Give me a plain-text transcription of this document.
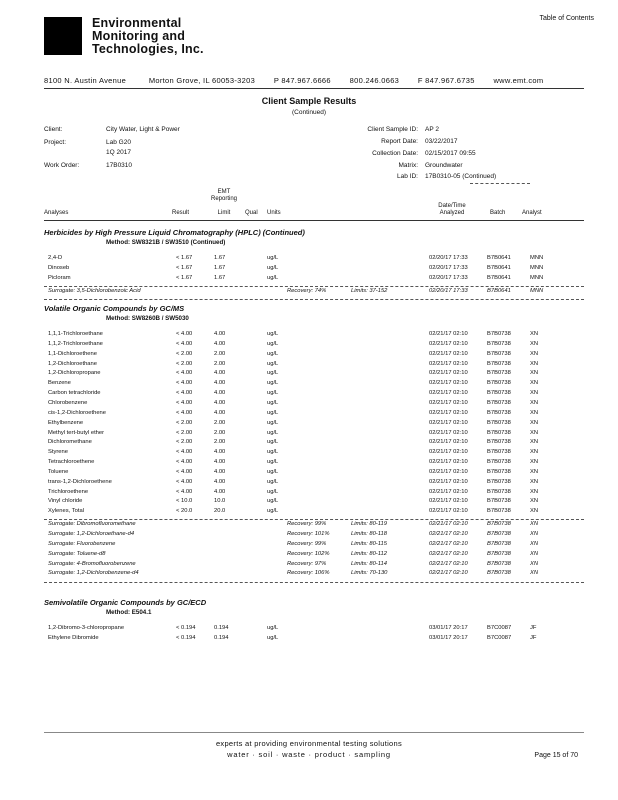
Environmental
Monitoring and
Technologies, Inc.
Table of Contents
8100 N. Austin Avenue	Morton Grove, IL 60053-3203	P 847.967.6666	800.246.0663	F 847.967.6735	www.emt.com
Client Sample Results
(Continued)
Client:	City Water, Light & Power
Project:	Lab G20
1Q 2017
Work Order:	17B0310
Client Sample ID: AP 2
Report Date: 03/22/2017
Collection Date: 02/15/2017 09:55
Matrix: Groundwater
Lab ID: 17B0310-05 (Continued)
Analyses	Result
EMT
Reporting
Limit	Qual Units
Date/Time
Analyzed	Batch	Analyst
Herbicides by High Pressure Liquid Chromatography (HPLC) (Continued)
Method: SW8321B / SW3510 (Continued)
2,4-D	< 1.67	1.67	ug/L	02/20/17 17:33	B7B0641	MNN
Dinoseb	< 1.67	1.67	ug/L	02/20/17 17:33	B7B0641	MNN
Picloram	< 1.67	1.67	ug/L	02/20/17 17:33	B7B0641	MNN
Surrogate: 3,5-Dichlorobenzoic Acid	Recovery: 74%	Limits: 37-152	02/20/17 17:33	B7B0641	MNN
Volatile Organic Compounds by GC/MS
Method: SW8260B / SW5030
1,1,1-Trichloroethane	< 4.00	4.00	ug/L	02/21/17 02:10	B7B0738	XN
1,1,2-Trichloroethane	< 4.00	4.00	ug/L	02/21/17 02:10	B7B0738	XN
1,1-Dichloroethene	< 2.00	2.00	ug/L	02/21/17 02:10	B7B0738	XN
1,2-Dichloroethane	< 2.00	2.00	ug/L	02/21/17 02:10	B7B0738	XN
1,2-Dichloropropane	< 4.00	4.00	ug/L	02/21/17 02:10	B7B0738	XN
Benzene	< 4.00	4.00	ug/L	02/21/17 02:10	B7B0738	XN
Carbon tetrachloride	< 4.00	4.00	ug/L	02/21/17 02:10	B7B0738	XN
Chlorobenzene	< 4.00	4.00	ug/L	02/21/17 02:10	B7B0738	XN
cis-1,2-Dichloroethene	< 4.00	4.00	ug/L	02/21/17 02:10	B7B0738	XN
Ethylbenzene	< 2.00	2.00	ug/L	02/21/17 02:10	B7B0738	XN
Methyl tert-butyl ether	< 2.00	2.00	ug/L	02/21/17 02:10	B7B0738	XN
Dichloromethane	< 2.00	2.00	ug/L	02/21/17 02:10	B7B0738	XN
Styrene	< 4.00	4.00	ug/L	02/21/17 02:10	B7B0738	XN
Tetrachloroethene	< 4.00	4.00	ug/L	02/21/17 02:10	B7B0738	XN
Toluene	< 4.00	4.00	ug/L	02/21/17 02:10	B7B0738	XN
trans-1,2-Dichloroethene	< 4.00	4.00	ug/L	02/21/17 02:10	B7B0738	XN
Trichloroethene	< 4.00	4.00	ug/L	02/21/17 02:10	B7B0738	XN
Vinyl chloride	< 10.0	10.0	ug/L	02/21/17 02:10	B7B0738	XN
Xylenes, Total	< 20.0	20.0	ug/L	02/21/17 02:10	B7B0738	XN
Surrogate: Dibromofluoromethane	Recovery: 99%	Limits: 80-119	02/21/17 02:10	B7B0738	XN
Surrogate: 1,2-Dichloroethane-d4	Recovery: 101%	Limits: 80-118	02/21/17 02:10	B7B0738	XN
Surrogate: Fluorobenzene	Recovery: 99%	Limits: 80-115	02/21/17 02:10	B7B0738	XN
Surrogate: Toluene-d8	Recovery: 102%	Limits: 80-112	02/21/17 02:10	B7B0738	XN
Surrogate: 4-Bromofluorobenzene	Recovery: 97%	Limits: 80-114	02/21/17 02:10	B7B0738	XN
Surrogate: 1,2-Dichlorobenzene-d4	Recovery: 106%	Limits: 70-130	02/21/17 02:10	B7B0738	XN
Semivolatile Organic Compounds by GC/ECD
Method: E504.1
1,2-Dibromo-3-chloropropane	< 0.194	0.194	ug/L	03/01/17 20:17	B7C0087	JF
Ethylene Dibromide	< 0.194	0.194	ug/L	03/01/17 20:17	B7C0087	JF
experts at providing environmental testing solutions
water · soil · waste · product · sampling	Page 15 of 70
